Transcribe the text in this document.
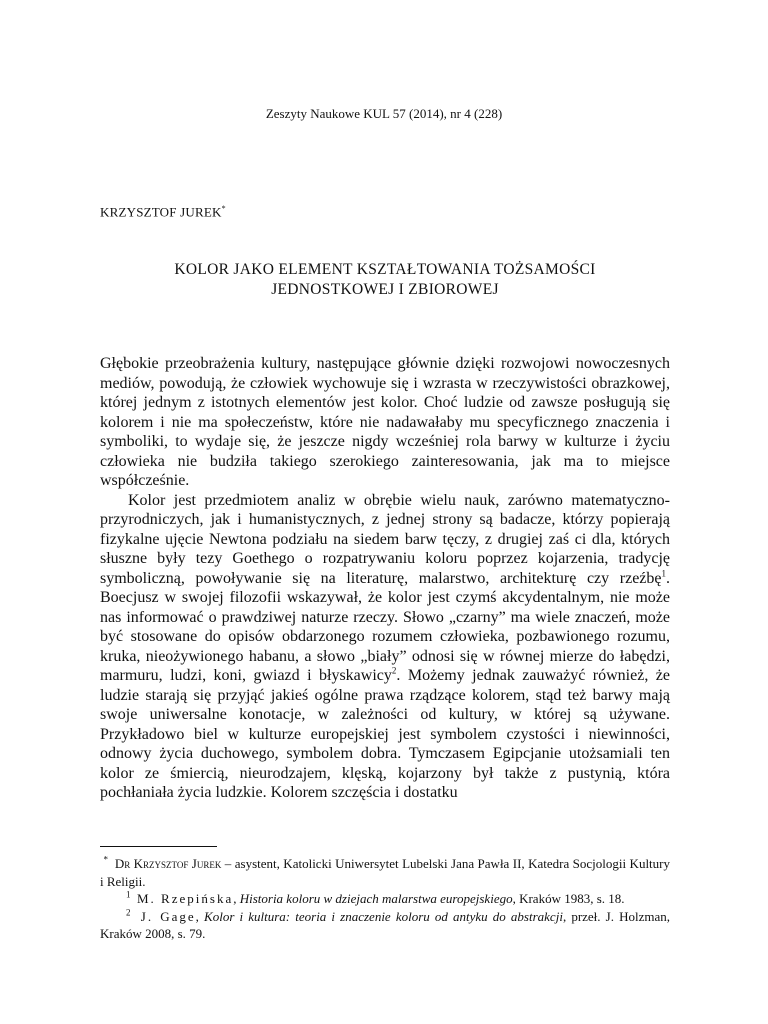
Zeszyty Naukowe KUL 57 (2014), nr 4 (228)
KRZYSZTOF JUREK*
KOLOR JAKO ELEMENT KSZTAŁTOWANIA TOŻSAMOŚCI
JEDNOSTKOWEJ I ZBIOROWEJ

Głębokie przeobrażenia kultury, następujące głównie dzięki rozwojowi nowoczesnych mediów, powodują, że człowiek wychowuje się i wzrasta w rzeczywistości obrazkowej, której jednym z istotnych elementów jest kolor. Choć ludzie od zawsze posługują się kolorem i nie ma społeczeństw, które nie nadawałaby mu specyficznego znaczenia i symboliki, to wydaje się, że jeszcze nigdy wcześniej rola barwy w kulturze i życiu człowieka nie budziła takiego szerokiego zainteresowania, jak ma to miejsce współcześnie.

Kolor jest przedmiotem analiz w obrębie wielu nauk, zarówno matematyczno-przyrodniczych, jak i humanistycznych, z jednej strony są badacze, którzy popierają fizykalne ujęcie Newtona podziału na siedem barw tęczy, z drugiej zaś ci dla, których słuszne były tezy Goethego o rozpatrywaniu koloru poprzez kojarzenia, tradycję symboliczną, powoływanie się na literaturę, malarstwo, architekturę czy rzeźbę$^1$. Boecjusz w swojej filozofii wskazywał, że kolor jest czymś akcydentalnym, nie może nas informować o prawdziwej naturze rzeczy. Słowo „czarny” ma wiele znaczeń, może być stosowane do opisów obdarzonego rozumem człowieka, pozbawionego rozumu, kruka, nieożywionego habanu, a słowo „biały” odnosi się w równej mierze do łabędzi, marmuru, ludzi, koni, gwiazd i błyskawicy$^2$. Możemy jednak zauważyć również, że ludzie starają się przyjąć jakieś ogólne prawa rządzące kolorem, stąd też barwy mają swoje uniwersalne konotacje, w zależności od kultury, w której są używane. Przykładowo biel w kulturze europejskiej jest symbolem czystości i niewinności, odnowy życia duchowego, symbolem dobra. Tymczasem Egipcjanie utożsamiali ten kolor ze śmiercią, nieurodzajem, klęską, kojarzony był także z pustynią, która pochłaniała życia ludzkie. Kolorem szczęścia i dostatku

* Dr Krzysztof Jurek – asystent, Katolicki Uniwersytet Lubelski Jana Pawła II, Katedra Socjologii Kultury i Religii.

$^1$ M. Rzepińska, Historia koloru w dziejach malarstwa europejskiego, Kraków 1983, s. 18.

$^2$ J. Gage, Kolor i kultura: teoria i znaczenie koloru od antyku do abstrakcji, przeł. J. Holzman, Kraków 2008, s. 79.
